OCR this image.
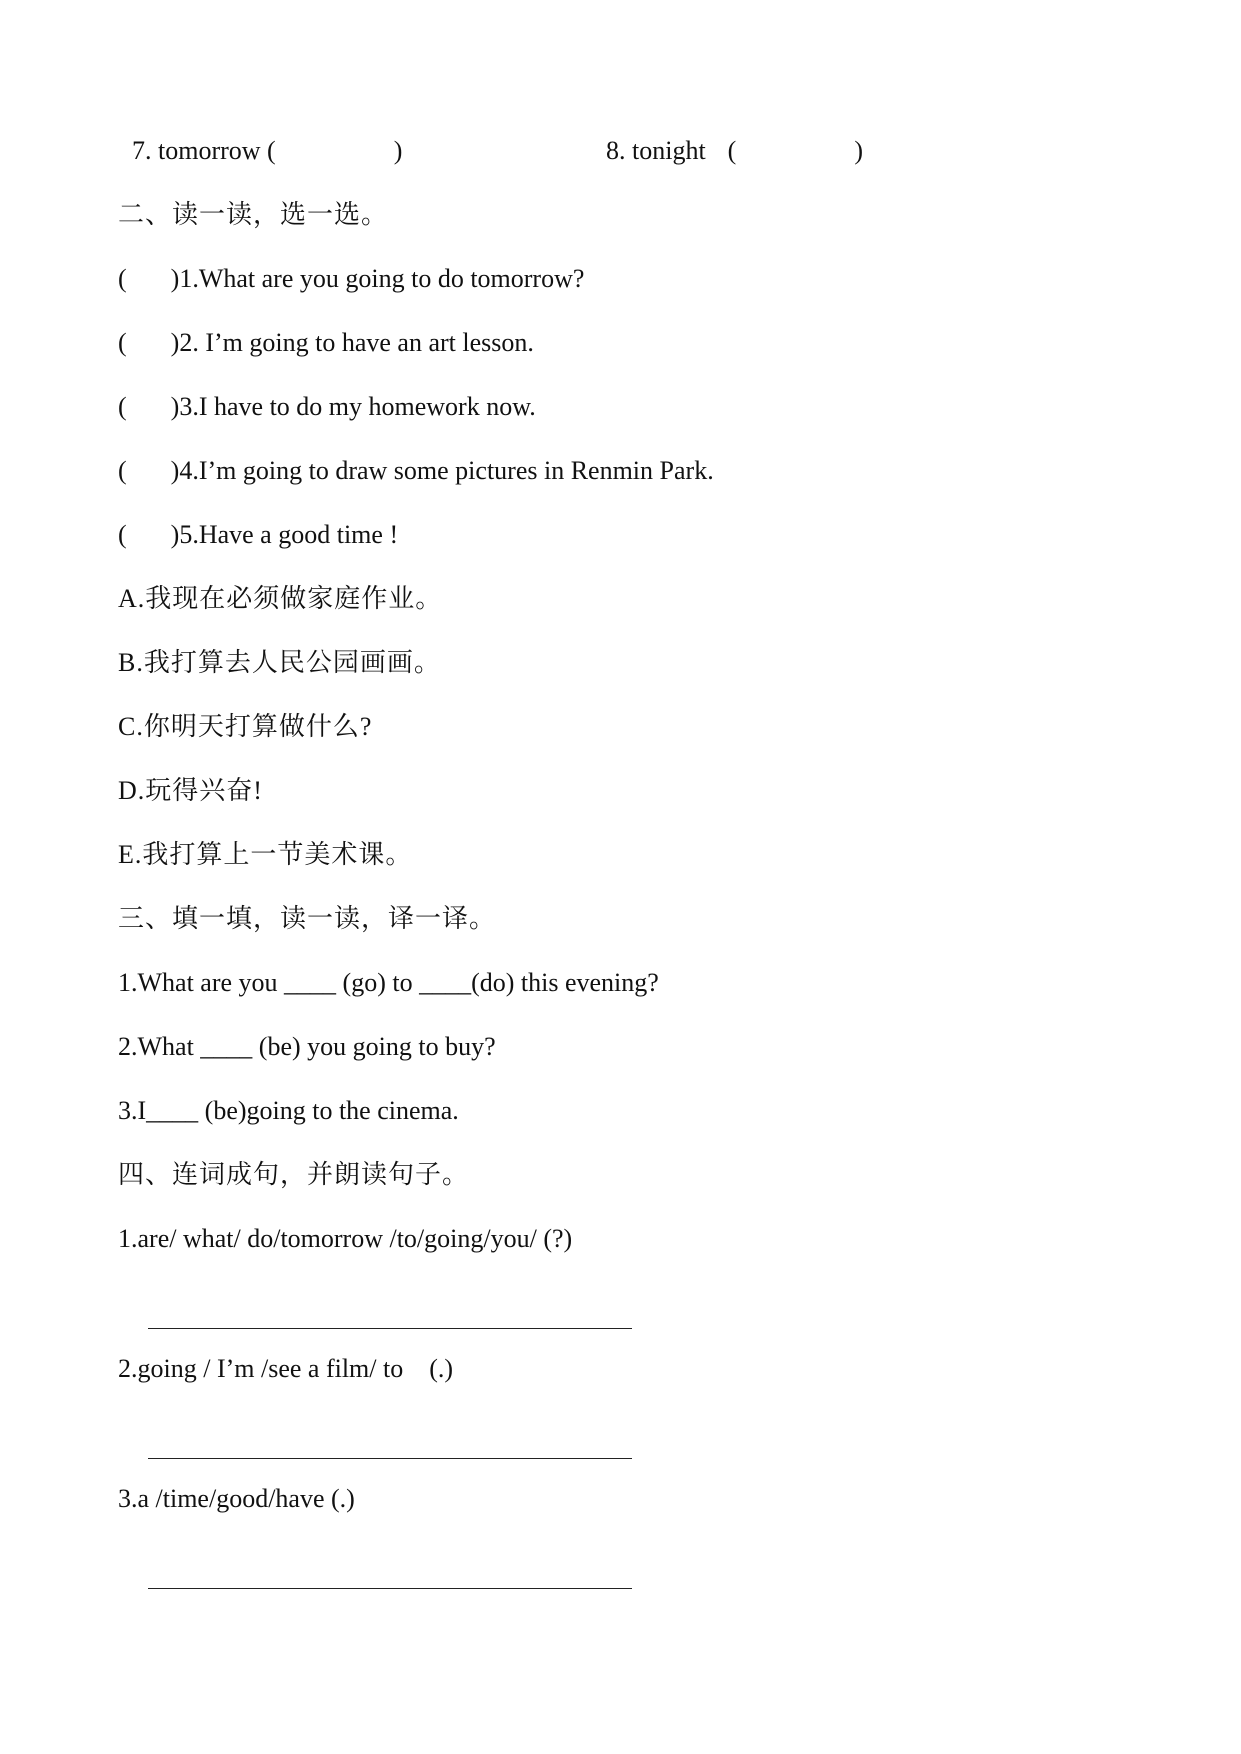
7. tomorrow (	)	8. tonight (	)
二、读一读，选一选。
( )1.What are you going to do tomorrow?
( )2. I’m going to have an art lesson.
( )3.I have to do my homework now.
( )4.I’m going to draw some pictures in Renmin Park.
( )5.Have a good time !
A.我现在必须做家庭作业。
B.我打算去人民公园画画。
C.你明天打算做什么?
D.玩得兴奋!
E.我打算上一节美术课。
三、填一填，读一读，译一译。
1.What are you ____ (go) to ____(do) this evening?
2.What ____ (be) you going to buy?
3.I____ (be)going to the cinema.
四、连词成句，并朗读句子。
1.are/ what/ do/tomorrow /to/going/you/ (?)
2.going / I’m /see a film/ to    (.)
3.a /time/good/have (.)
